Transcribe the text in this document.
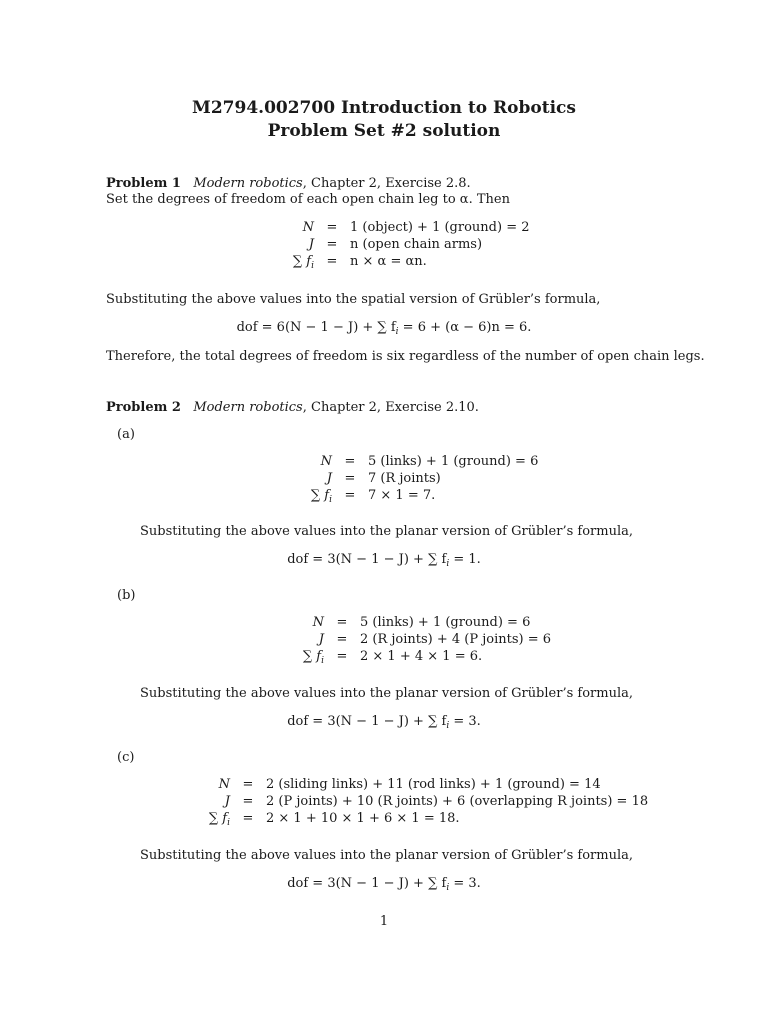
M2794.002700 Introduction to Robotics
Problem Set #2 solution
Problem 1 Modern robotics, Chapter 2, Exercise 2.8.
Set the degrees of freedom of each open chain leg to α. Then
N = 1 (object) + 1 (ground) = 2
J = n (open chain arms)
∑ $f_i = n \times \alpha = \alpha n$.
Substituting the above values into the spatial version of Grübler’s formula,
dof = 6(N − 1 − J) + ∑ $f_i = 6 + (\alpha - 6)n = 6$.
Therefore, the total degrees of freedom is six regardless of the number of open chain legs.
Problem 2 Modern robotics, Chapter 2, Exercise 2.10.
(a)
N = 5 (links) + 1 (ground) = 6
J = 7 (R joints)
∑ $f_i = 7 \times 1 = 7$.
Substituting the above values into the planar version of Grübler’s formula,
dof = 3(N − 1 − J) + ∑ $f_i = 1$.
(b)
N = 5 (links) + 1 (ground) = 6
J = 2 (R joints) + 4 (P joints) = 6
∑ $f_i = 2 \times 1 + 4 \times 1 = 6$.
Substituting the above values into the planar version of Grübler’s formula,
dof = 3(N − 1 − J) + ∑ $f_i = 3$.
(c)
N = 2 (sliding links) + 11 (rod links) + 1 (ground) = 14
J = 2 (P joints) + 10 (R joints) + 6 (overlapping R joints) = 18
∑ $f_i = 2 \times 1 + 10 \times 1 + 6 \times 1 = 18$.
Substituting the above values into the planar version of Grübler’s formula,
dof = 3(N − 1 − J) + ∑ $f_i = 3$.
1
